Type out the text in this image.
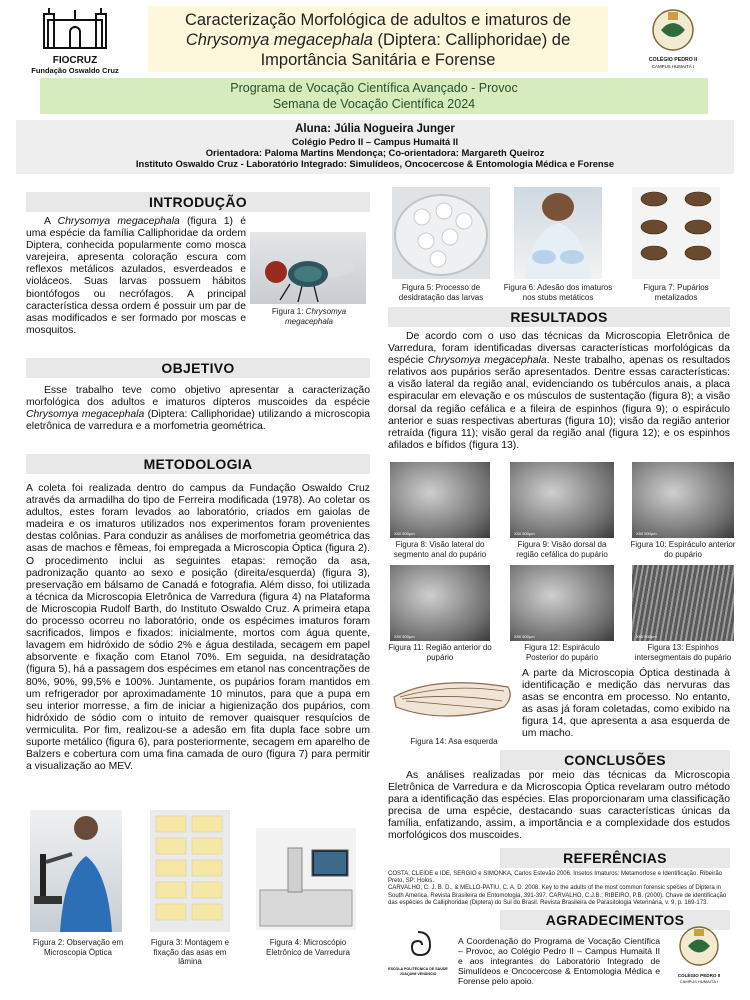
FIOCRUZ
Fundação Oswaldo Cruz
Caracterização Morfológica de adultos e imaturos de
Chrysomya megacephala (Diptera: Calliphoridae) de
Importância Sanitária e Forense	COLÉGIO PEDRO II
CAMPUS HUMAITÁ I
Programa de Vocação Científica Avançado - Provoc
Semana de Vocação Científica 2024
Aluna: Júlia Nogueira Junger
Colégio Pedro II – Campus Humaitá II
Orientadora: Paloma Martins Mendonça; Co-orientadora: Margareth Queiroz
Instituto Oswaldo Cruz - Laboratório Integrado: Simulídeos, Oncocercose & Entomologia Médica e Forense
INTRODUÇÃO
A Chrysomya megacephala (figura 1) é uma espécie da família Calliphoridae da ordem Diptera, conhecida popularmente como mosca varejeira, apresenta coloração escura com reflexos metálicos azulados, esverdeados e violáceos. Suas larvas possuem hábitos biontófogos ou necrófagos. A principal característica dessa ordem é possuir um par de asas modificados e ser formado por moscas e mosquitos.
Figura 1: Chrysomya megacephala
OBJETIVO
Esse trabalho teve como objetivo apresentar a caracterização morfológica dos adultos e imaturos dípteros muscoides da espécie Chrysomya megacephala (Diptera: Calliphoridae) utilizando a microscopia eletrônica de varredura e a morfometria geométrica.
METODOLOGIA
A coleta foi realizada dentro do campus da Fundação Oswaldo Cruz através da armadilha do tipo de Ferreira modificada (1978). Ao coletar os adultos, estes foram levados ao laboratório, criados em gaiolas de madeira e os imaturos utilizados nos experimentos foram provenientes destas colônias. Para conduzir as análises de morfometria geométrica das asas de machos e fêmeas, foi empregada a Microscopia Óptica (figura 2). O procedimento inclui as seguintes etapas: remoção da asa, padronização quanto ao sexo e posição (direita/esquerda) (figura 3), preservação em bálsamo de Canadá e fotografia. Além disso, foi utilizada a técnica da Microscopia Eletrônica de Varredura (figura 4) na Plataforma de Microscopia Rudolf Barth, do Instituto Oswaldo Cruz. A primeira etapa do processo ocorreu no laboratório, onde os espécimes imaturos foram sacrificados, limpos e fixados: inicialmente, mortos com água quente, lavagem em hidróxido de sódio 2% e água destilada, secagem em papel absorvente e fixação com Etanol 70%. Em seguida, na desidratação (figura 5), há a passagem dos espécimes em etanol nas concentrações de 80%, 90%, 99,5% e 100%. Juntamente, os pupários foram mantidos em um refrigerador por aproximadamente 10 minutos, para que a pupa em seu interior morresse, a fim de iniciar a higienização dos pupários, com hidróxido de sódio com o intuito de remover quaisquer resquícios de vermiculita. Por fim, realizou-se a adesão em fita dupla face sobre um suporte metálico (figura 6), para posteriormente, secagem em aparelho de Balzers e cobertura com uma fina camada de ouro (figura 7) para permitir a visualização ao MEV.
Figura 2: Observação em Microscopia Óptica
Figura 3: Montagem e fixação das asas em lâmina
Figura 4: Microscópio Eletrônico de Varredura
Figura 5: Processo de desidratação das larvas
Figura 6: Adesão dos imaturos nos stubs metáticos
Figura 7: Pupários metalizados
RESULTADOS
De acordo com o uso das técnicas da Microscopia Eletrônica de Varredura, foram identificadas diversas características morfológicas da espécie Chrysomya megacephala. Neste trabalho, apenas os resultados relativos aos pupários serão apresentados. Dentre essas características: a visão lateral da região anal, evidenciando os tubérculos anais, a placa espiracular em elevação e os músculos de sustentação (figura 8); a visão dorsal da região cefálica e a fileira de espinhos (figura 9); o espiráculo anterior e suas respectivas aberturas (figura 10); visão da região anterior retraída (figura 11); visão geral da região anal (figura 12); e os espinhos afilados e bífidos (figura 13).
X50 500μm	X50 500μm	X50 500μm
Figura 8: Visão lateral do segmento anal do pupário
Figura 9: Visão dorsal da região cefálica do pupário
Figura 10: Espiráculo anterior do pupário
X50 500μm	X50 500μm	X50 500μm
Figura 11: Região anterior do pupário
Figura 12: Espiráculo Posterior do pupário
Figura 13: Espinhos intersegmentais do pupário
A parte da Microscopia Óptica destinada à identificação e medição das nervuras das asas se encontra em processo. No entanto, as asas já foram coletadas, como exibido na figura 14, que apresenta a asa esquerda de um macho.
Figura 14: Asa esquerda
CONCLUSÕES
As análises realizadas por meio das técnicas da Microscopia Eletrônica de Varredura e da Microscopia Óptica revelaram outro método para a identificação das espécies. Elas proporcionaram uma classificação precisa de uma espécie, destacando suas características únicas da família, enfatizando, assim, a importância e a complexidade dos estudos morfológicos dos muscoides.
REFERÊNCIAS
COSTA, CLEIDE e IDE, SERGIO e SIMONKA, Carlos Estevão 2006. Insetos Imaturos: Metamorfose e Identificação. Ribeirão Preto, SP: Holos.
CARVALHO, C. J. B. D., & MELLO-PATIU, C. A. D. 2008. Key to the adults of the most common forensic species of Diptera in South America. Revista Brasileira de Entomologia, 391-397. CARVALHO, C.J.B.; RIBEIRO, P.B. (2000). Chave de identificação das espécies de Calliphoridae (Diptera) do Sul do Brasil. Revista Brasileira de Parasitologia Veterinária, v. 9, p. 169-173.
AGRADECIMENTOS
ESCOLA POLITÉCNICA DE SAÚDE
JOAQUIM VENÂNCIO
A Coordenação do Programa de Vocação Científica – Provoc, ao Colégio Pedro II – Campus Humaitá II e aos integrantes do Laboratório Integrado de Simulídeos e Oncocercose & Entomologia Médica e Forense pelo apoio.
COLÉGIO PEDRO II
CAMPUS HUMAITÁ I
